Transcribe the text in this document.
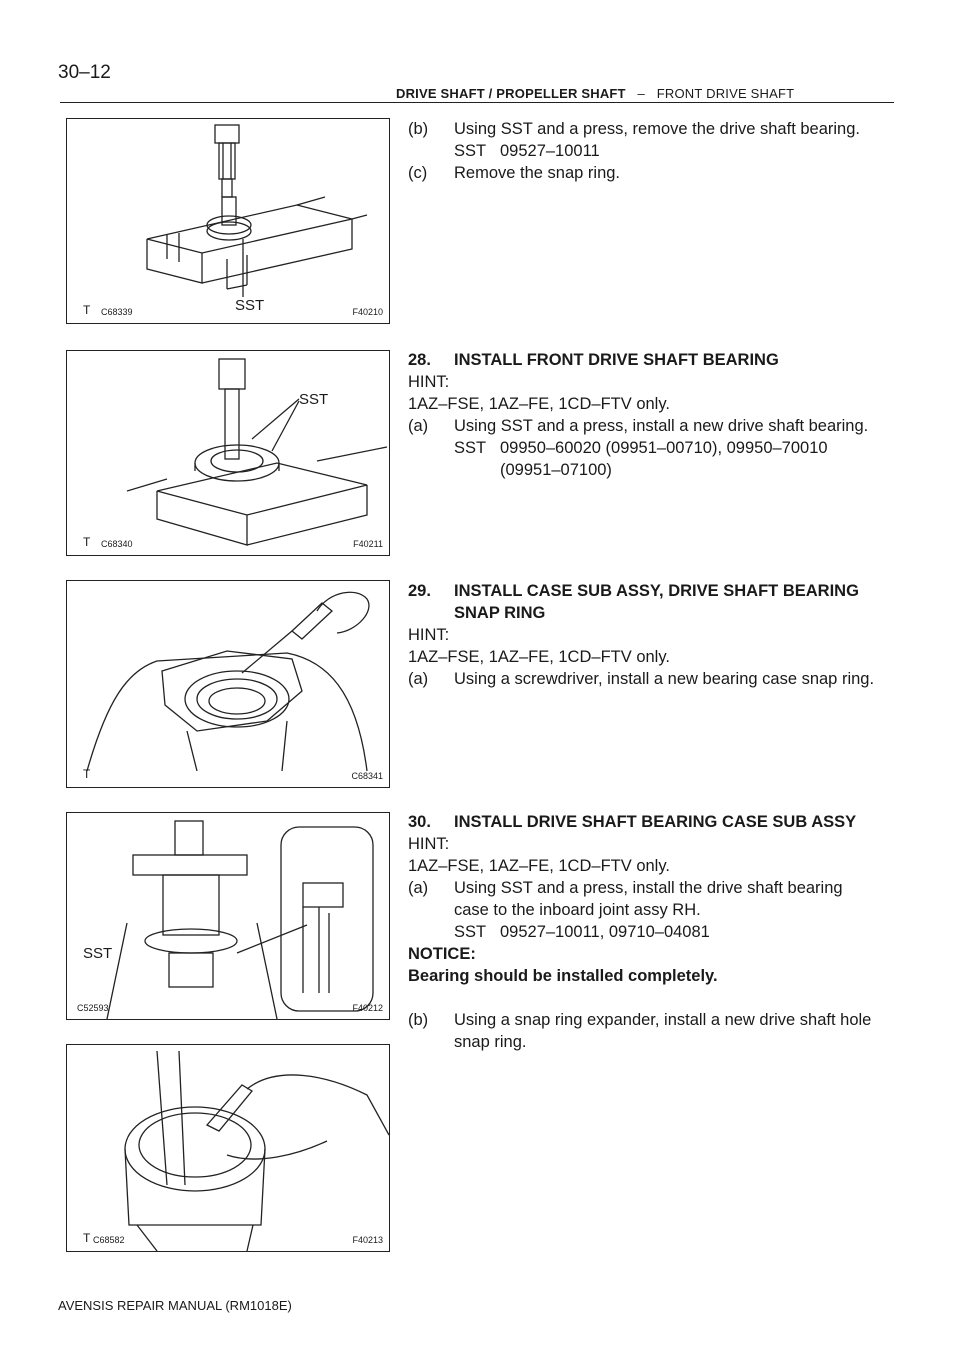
30–12
DRIVE SHAFT / PROPELLER SHAFT – FRONT DRIVE SHAFT
T C68339	F40210
SST
T C68340	F40211
SST
T	C68341
C52593	F40212
SST
T C68582	F40213
(b)	Using SST and a press, remove the drive shaft bearing.
SST 09527–10011
(c)	Remove the snap ring.
28.	INSTALL FRONT DRIVE SHAFT BEARING
HINT:
1AZ–FSE, 1AZ–FE, 1CD–FTV only.
(a)	Using SST and a press, install a new drive shaft bearing.
SST 09950–60020 (09951–00710), 09950–70010
(09951–07100)
29.	INSTALL CASE SUB ASSY, DRIVE SHAFT BEARING
SNAP RING
HINT:
1AZ–FSE, 1AZ–FE, 1CD–FTV only.
(a)	Using a screwdriver, install a new bearing case snap ring.
30.	INSTALL DRIVE SHAFT BEARING CASE SUB ASSY
HINT:
1AZ–FSE, 1AZ–FE, 1CD–FTV only.
(a)	Using SST and a press, install the drive shaft bearing
case to the inboard joint assy RH.
SST 09527–10011, 09710–04081
NOTICE:
Bearing should be installed completely.
(b)	Using a snap ring expander, install a new drive shaft hole
snap ring.
AVENSIS REPAIR MANUAL (RM1018E)
